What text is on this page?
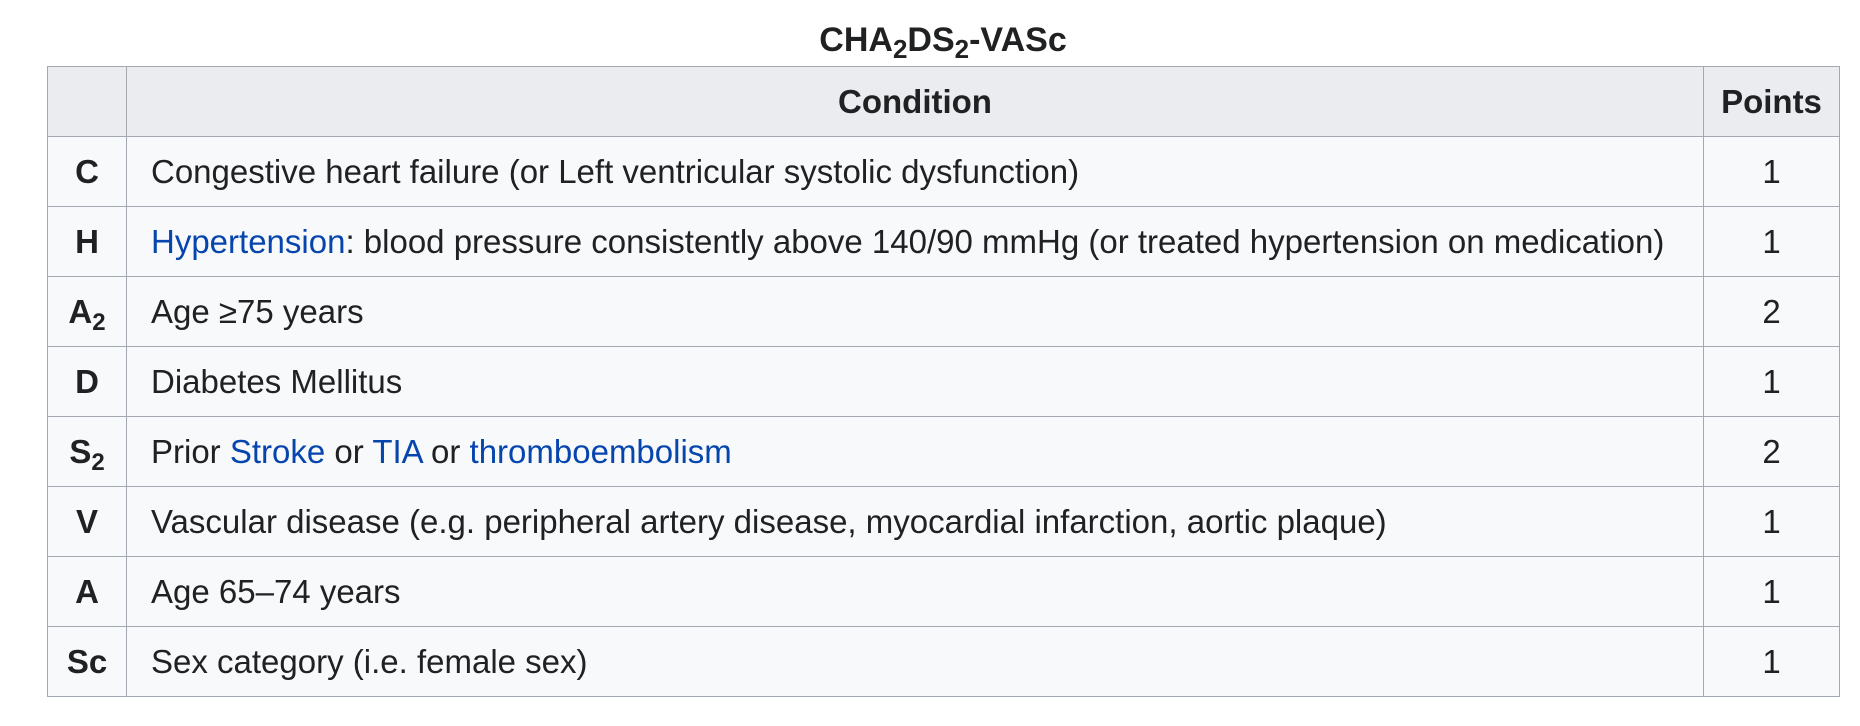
$CHA_2DS_2$-VASc
	Condition	Points
C	Congestive heart failure (or Left ventricular systolic dysfunction)	1
H	Hypertension: blood pressure consistently above 140/90 mmHg (or treated hypertension on medication)	1
$A_2$	Age ≥75 years	2
D	Diabetes Mellitus	1
$S_2$	Prior Stroke or TIA or thromboembolism	2
V	Vascular disease (e.g. peripheral artery disease, myocardial infarction, aortic plaque)	1
A	Age 65–74 years	1
Sc	Sex category (i.e. female sex)	1
